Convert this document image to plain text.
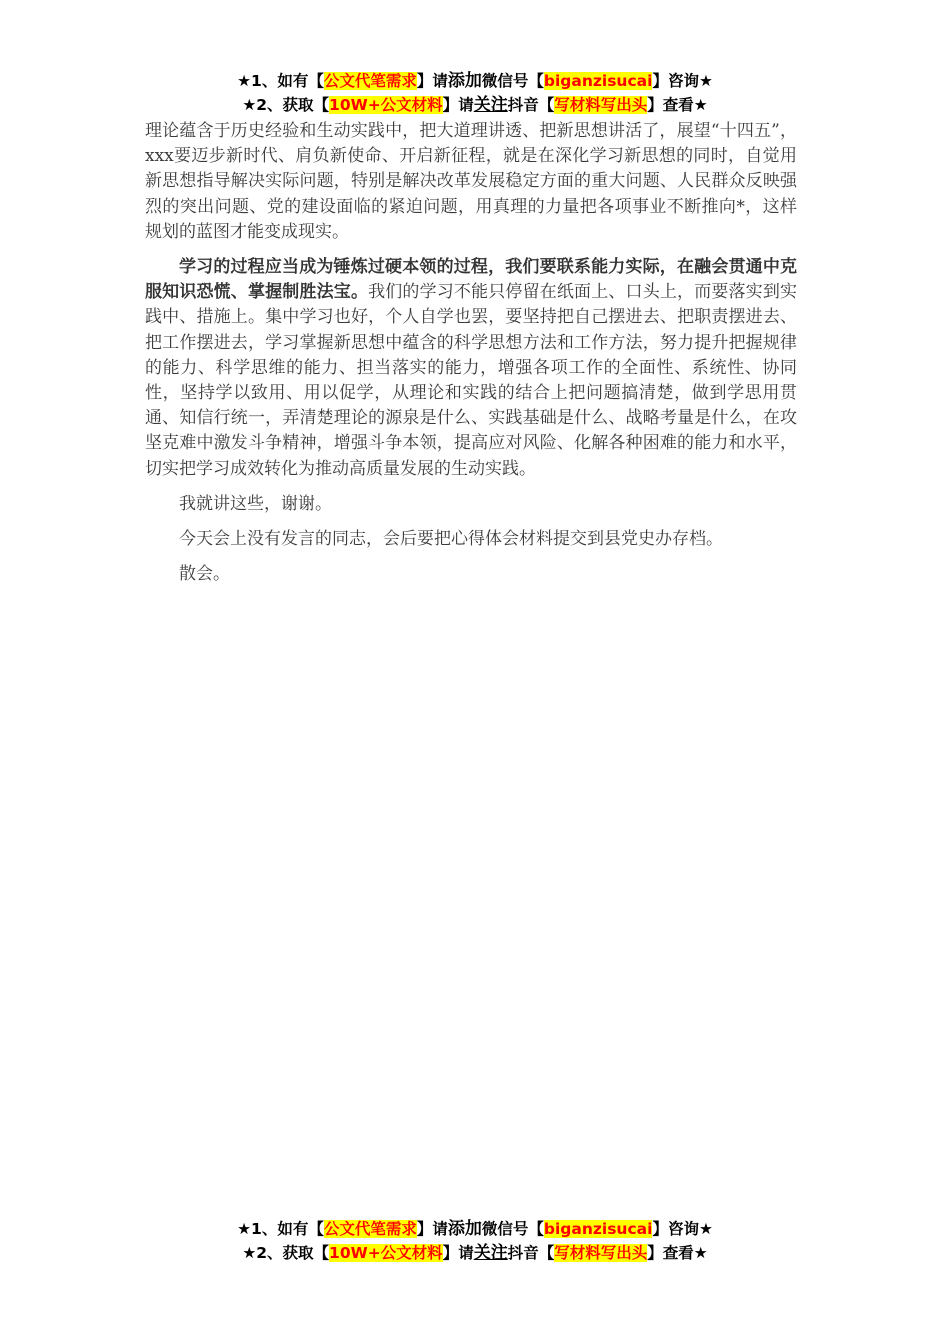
★1、如有【公文代笔需求】请添加微信号【biganzisucai】咨询★
★2、获取【10W+公文材料】请关注抖音【写材料写出头】查看★

理论蕴含于历史经验和生动实践中，把大道理讲透、把新思想讲活了，展望“十四五”，xxx要迈步新时代、肩负新使命、开启新征程，就是在深化学习新思想的同时，自觉用新思想指导解决实际问题，特别是解决改革发展稳定方面的重大问题、人民群众反映强烈的突出问题、党的建设面临的紧迫问题，用真理的力量把各项事业不断推向*，这样规划的蓝图才能变成现实。

学习的过程应当成为锤炼过硬本领的过程，我们要联系能力实际，在融会贯通中克服知识恐慌、掌握制胜法宝。我们的学习不能只停留在纸面上、口头上，而要落实到实践中、措施上。集中学习也好，个人自学也罢，要坚持把自己摆进去、把职责摆进去、把工作摆进去，学习掌握新思想中蕴含的科学思想方法和工作方法，努力提升把握规律的能力、科学思维的能力、担当落实的能力，增强各项工作的全面性、系统性、协同性，坚持学以致用、用以促学，从理论和实践的结合上把问题搞清楚，做到学思用贯通、知信行统一，弄清楚理论的源泉是什么、实践基础是什么、战略考量是什么，在攻坚克难中激发斗争精神，增强斗争本领，提高应对风险、化解各种困难的能力和水平，切实把学习成效转化为推动高质量发展的生动实践。

我就讲这些，谢谢。

今天会上没有发言的同志，会后要把心得体会材料提交到县党史办存档。

散会。

★1、如有【公文代笔需求】请添加微信号【biganzisucai】咨询★
★2、获取【10W+公文材料】请关注抖音【写材料写出头】查看★
